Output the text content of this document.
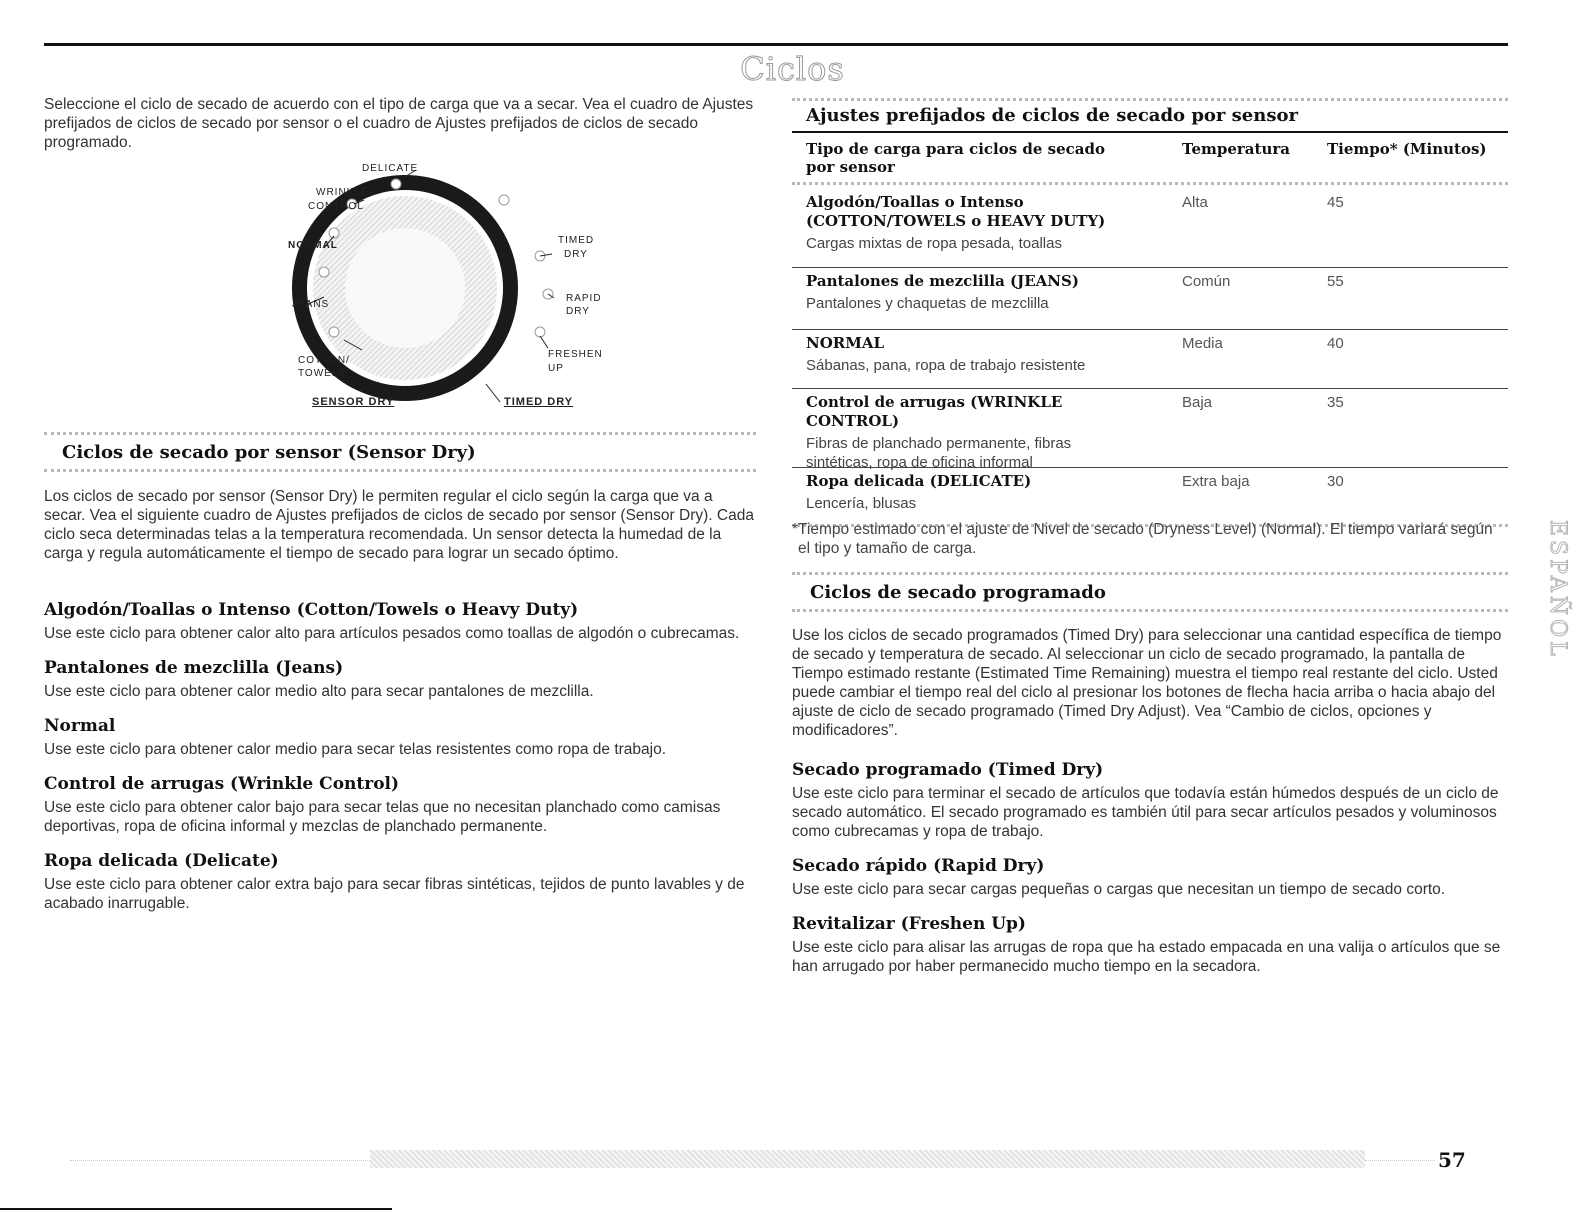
Ciclos

Seleccione el ciclo de secado de acuerdo con el tipo de carga que va a secar. Vea el cuadro de Ajustes prefijados de ciclos de secado por sensor o el cuadro de Ajustes prefijados de ciclos de secado programado.

DELICATE
WRINKLE
CONTROL
NORMAL
JEANS
COTTON/
TOWELS
SENSOR DRY
TIMED
DRY
RAPID
DRY
FRESHEN
UP
TIMED DRY
Ciclos de secado por sensor (Sensor Dry)

Los ciclos de secado por sensor (Sensor Dry) le permiten regular el ciclo según la carga que va a secar. Vea el siguiente cuadro de Ajustes prefijados de ciclos de secado por sensor (Sensor Dry). Cada ciclo seca determinadas telas a la temperatura recomendada. Un sensor detecta la humedad de la carga y regula automáticamente el tiempo de secado para lograr un secado óptimo.

Algodón/Toallas o Intenso (Cotton/Towels o Heavy Duty)

Use este ciclo para obtener calor alto para artículos pesados como toallas de algodón o cubrecamas.

Pantalones de mezclilla (Jeans)

Use este ciclo para obtener calor medio alto para secar pantalones de mezclilla.

Normal

Use este ciclo para obtener calor medio para secar telas resistentes como ropa de trabajo.

Control de arrugas (Wrinkle Control)

Use este ciclo para obtener calor bajo para secar telas que no necesitan planchado como camisas deportivas, ropa de oficina informal y mezclas de planchado permanente.

Ropa delicada (Delicate)

Use este ciclo para obtener calor extra bajo para secar fibras sintéticas, tejidos de punto lavables y de acabado inarrugable.

Ajustes prefijados de ciclos de secado por sensor
Tipo de carga para ciclos de secado por sensor
Temperatura	Tiempo* (Minutos)
Algodón/Toallas o Intenso (COTTON/TOWELS o HEAVY DUTY)
Cargas mixtas de ropa pesada, toallas
Alta	45
Pantalones de mezclilla (JEANS)
Pantalones y chaquetas de mezclilla
Común	55
NORMAL
Sábanas, pana, ropa de trabajo resistente
Media	40
Control de arrugas (WRINKLE CONTROL)
Fibras de planchado permanente, fibras sintéticas, ropa de oficina informal
Baja	35
Ropa delicada (DELICATE)
Lencería, blusas
Extra baja	30

*Tiempo estimado con el ajuste de Nivel de secado (Dryness Level) (Normal). El tiempo variará según el tipo y tamaño de carga.

Ciclos de secado programado

Use los ciclos de secado programados (Timed Dry) para seleccionar una cantidad específica de tiempo de secado y temperatura de secado. Al seleccionar un ciclo de secado programado, la pantalla de Tiempo estimado restante (Estimated Time Remaining) muestra el tiempo real restante del ciclo. Usted puede cambiar el tiempo real del ciclo al presionar los botones de flecha hacia arriba o hacia abajo del ajuste de ciclo de secado programado (Timed Dry Adjust). Vea “Cambio de ciclos, opciones y modificadores”.

Secado programado (Timed Dry)

Use este ciclo para terminar el secado de artículos que todavía están húmedos después de un ciclo de secado automático. El secado programado es también útil para secar artículos pesados y voluminosos como cubrecamas y ropa de trabajo.

Secado rápido (Rapid Dry)

Use este ciclo para secar cargas pequeñas o cargas que necesitan un tiempo de secado corto.

Revitalizar (Freshen Up)

Use este ciclo para alisar las arrugas de ropa que ha estado empacada en una valija o artículos que se han arrugado por haber permanecido mucho tiempo en la secadora.

ESPAÑOL
57
